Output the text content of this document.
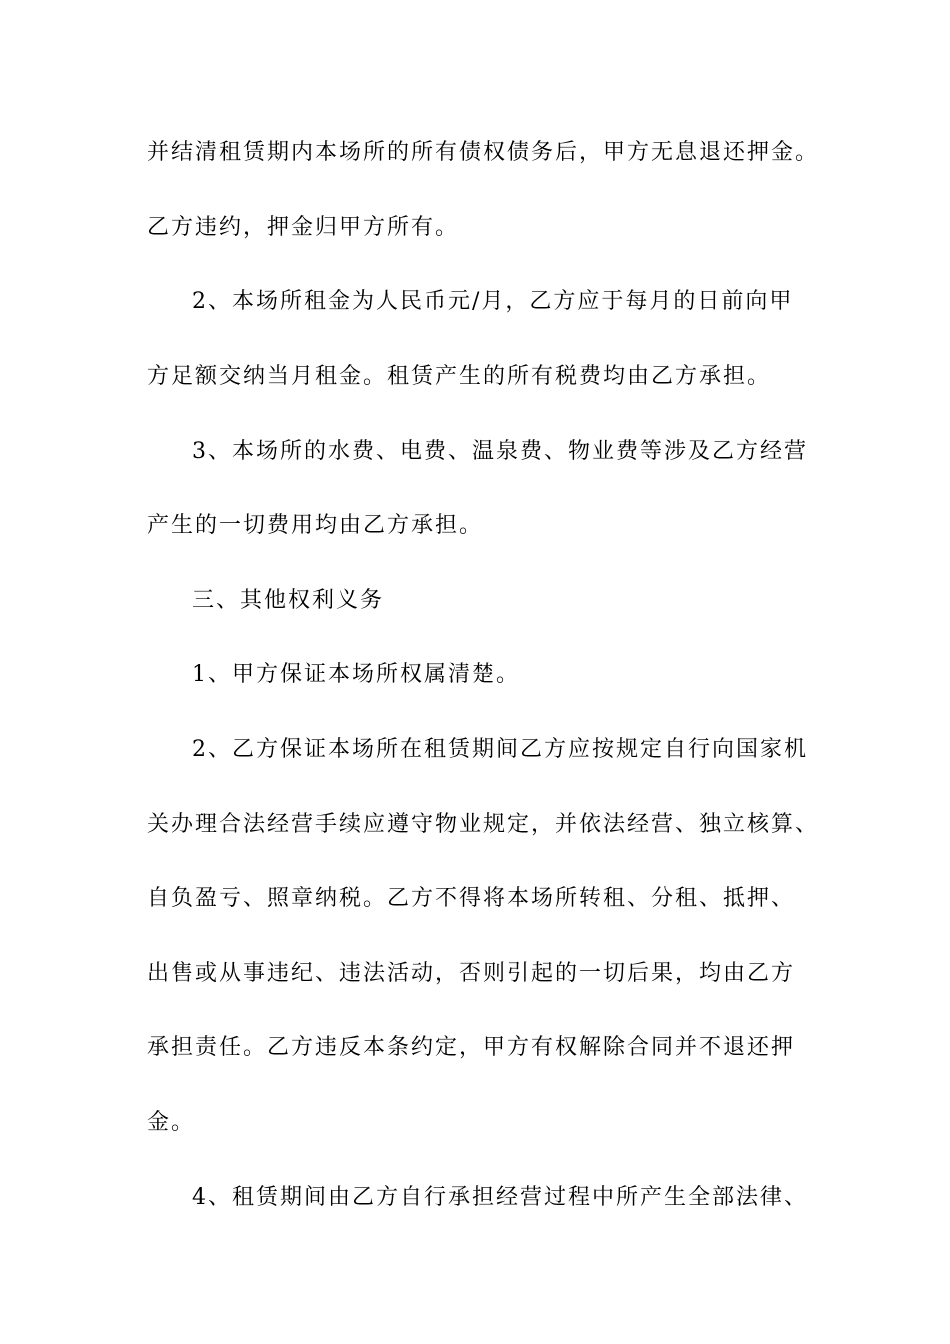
并结清租赁期内本场所的所有债权债务后，甲方无息退还押金。
乙方违约，押金归甲方所有。
2、本场所租金为人民币元/月，乙方应于每月的日前向甲
方足额交纳当月租金。租赁产生的所有税费均由乙方承担。
3、本场所的水费、电费、温泉费、物业费等涉及乙方经营
产生的一切费用均由乙方承担。
三、其他权利义务
1、甲方保证本场所权属清楚。
2、乙方保证本场所在租赁期间乙方应按规定自行向国家机
关办理合法经营手续应遵守物业规定，并依法经营、独立核算、
自负盈亏、照章纳税。乙方不得将本场所转租、分租、抵押、
出售或从事违纪、违法活动，否则引起的一切后果，均由乙方
承担责任。乙方违反本条约定，甲方有权解除合同并不退还押
金。
4、租赁期间由乙方自行承担经营过程中所产生全部法律、
